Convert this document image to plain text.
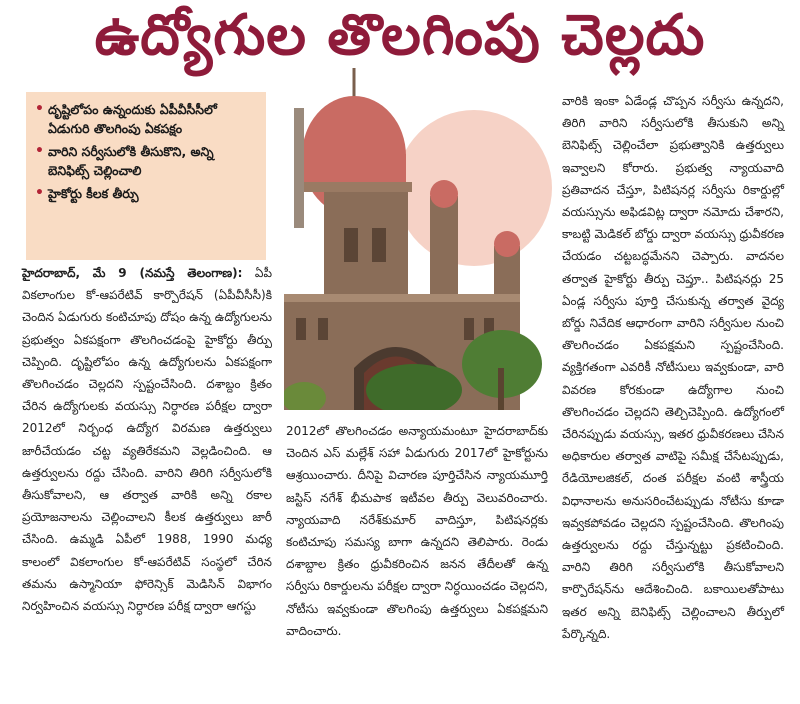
ఉద్యోగుల తొలగింపు చెల్లదు
• దృష్టిలోపం ఉన్నందుకు ఏపీవీసీసీలో ఏడుగురి తొలగింపు ఏకపక్షం
• వారిని సర్వీసులోకి తీసుకొని, అన్ని బెనిఫిట్స్ చెల్లించాలి
• హైకోర్టు కీలక తీర్పు

హైదరాబాద్, మే 9 (నమస్తే తెలంగాణ): ఏపీ వికలాంగుల కో-ఆపరేటివ్ కార్పొరేషన్ (ఏపీవీసీసీ)కి చెందిన ఏడుగురు కంటిచూపు దోషం ఉన్న ఉద్యోగులను ప్రభుత్వం ఏకపక్షంగా తొలగించడంపై హైకోర్టు తీర్పు చెప్పింది. దృష్టిలోపం ఉన్న ఉద్యోగులను ఏకపక్షంగా తొలగించడం చెల్లదని స్పష్టంచేసింది. దశాబ్దం క్రితం చేరిన ఉద్యోగులకు వయస్సు నిర్ధారణ పరీక్షల ద్వారా 2012లో నిర్బంధ ఉద్యోగ విరమణ ఉత్తర్వులు జారీచేయడం చట్ట వ్యతిరేకమని వెల్లడించింది. ఆ ఉత్తర్వులను రద్దు చేసింది. వారిని తిరిగి సర్వీసులోకి తీసుకోవాలని, ఆ తర్వాత వారికి అన్ని రకాల ప్రయోజనాలను చెల్లించాలని కీలక ఉత్తర్వులు జారీ చేసింది. ఉమ్మడి ఏపీలో 1988, 1990 మధ్య కాలంలో వికలాంగుల కో-ఆపరేటివ్ సంస్థలో చేరిన తమను ఉస్మానియా ఫోరెన్సిక్ మెడిసిన్ విభాగం నిర్వహించిన వయస్సు నిర్ధారణ పరీక్ష ద్వారా ఆగస్టు

2012లో తొలగించడం అన్యాయమంటూ హైదరాబాద్‌కు చెందిన ఎస్ మల్లేశ్ సహా ఏడుగురు 2017లో హైకోర్టును ఆశ్రయించారు. దీనిపై విచారణ పూర్తిచేసిన న్యాయమూర్తి జస్టిస్ నగేశ్ భీమపాక ఇటీవల తీర్పు వెలువరించారు. న్యాయవాది నరేశ్‌కుమార్ వాదిస్తూ, పిటిషనర్లకు కంటిచూపు సమస్య బాగా ఉన్నదని తెలిపారు. రెండు దశాబ్దాల క్రితం ధ్రువీకరించిన జనన తేదీలతో ఉన్న సర్వీసు రికార్డులను పరీక్షల ద్వారా నిర్ధయించడం చెల్లదని, నోటీసు ఇవ్వకుండా తొలగింపు ఉత్తర్వులు ఏకపక్షమని వాదించారు.

వారికి ఇంకా ఏడేండ్ల చొప్పన సర్వీసు ఉన్నదని, తిరిగి వారిని సర్వీసులోకి తీసుకుని అన్ని బెనిఫిట్స్ చెల్లించేలా ప్రభుత్వానికి ఉత్తర్వులు ఇవ్వాలని కోరారు. ప్రభుత్వ న్యాయవాది ప్రతివాదన చేస్తూ, పిటిషనర్ల సర్వీసు రికార్డుల్లో వయస్సును అఫిడవిట్ల ద్వారా నమోదు చేశారని, కాబట్టి మెడికల్ బోర్డు ద్వారా వయస్సు ధ్రువీకరణ చేయడం చట్టబద్ధమేనని చెప్పారు. వాదనల తర్వాత హైకోర్టు తీర్పు చెప్తూ.. పిటిషనర్లు 25 ఏండ్ల సర్వీసు పూర్తి చేసుకున్న తర్వాత వైద్య బోర్డు నివేదిక ఆధారంగా వారిని సర్వీసుల నుంచి తొలగించడం ఏకపక్షమని స్పష్టంచేసింది. వ్యక్తిగతంగా ఎవరికీ నోటీసులు ఇవ్వకుండా, వారి వివరణ కోరకుండా ఉద్యోగాల నుంచి తొలగించడం చెల్లదని తెల్చిచెప్పింది. ఉద్యోగంలో చేరినప్పుడు వయస్సు, ఇతర ధ్రువీకరణలు చేసిన అధికారుల తర్వాత వాటిపై సమీక్ష చేసేటప్పుడు, రేడియోలజికల్, దంత పరీక్షల వంటి శాస్త్రీయ విధానాలను అనుసరించేటప్పుడు నోటీసు కూడా ఇవ్వకపోవడం చెల్లదని స్పష్టంచేసింది. తొలగింపు ఉత్తర్వులను రద్దు చేస్తున్నట్టు ప్రకటించింది. వారిని తిరిగి సర్వీసులోకి తీసుకోవాలని కార్పొరేషన్‌ను ఆదేశించింది. బకాయిలతోపాటు ఇతర అన్ని బెనిఫిట్స్ చెల్లించాలని తీర్పులో పేర్కొన్నది.
